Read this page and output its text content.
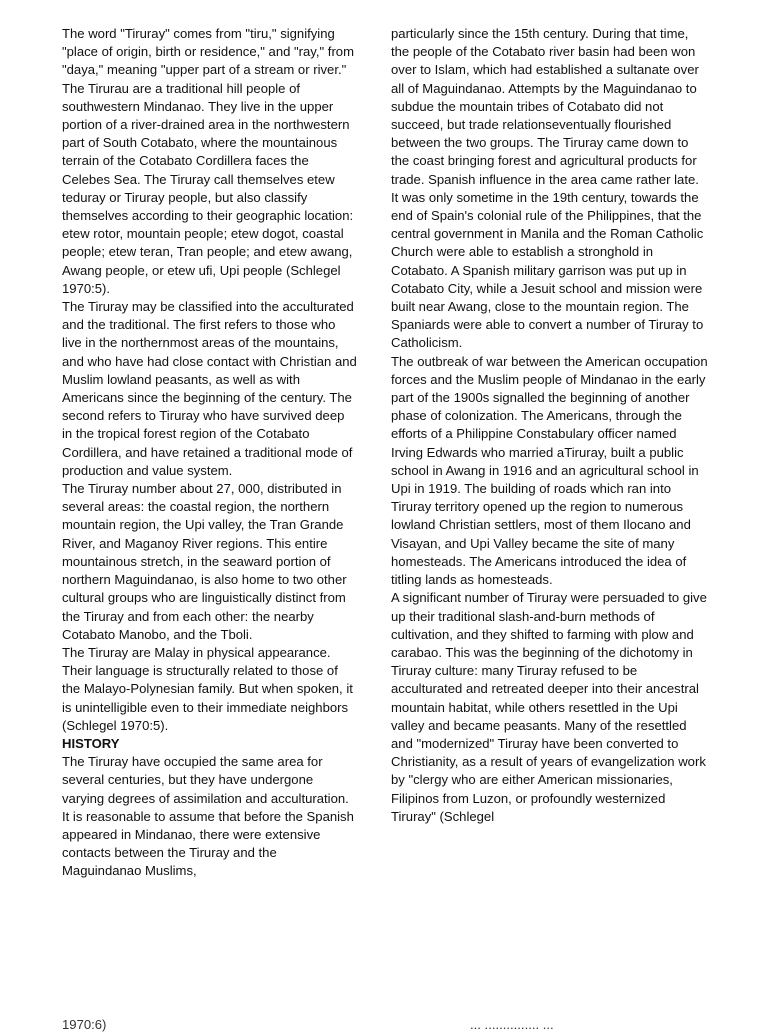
The word "Tiruray" comes from "tiru," signifying "place of origin, birth or residence," and "ray," from "daya," meaning "upper part of a stream or river." The Tirurau are a traditional hill people of southwestern Mindanao. They live in the upper portion of a river-drained area in the northwestern part of South Cotabato, where the mountainous terrain of the Cotabato Cordillera faces the Celebes Sea. The Tiruray call themselves etew teduray or Tiruray people, but also classify themselves according to their geographic location: etew rotor, mountain people; etew dogot, coastal people; etew teran, Tran people; and etew awang, Awang people, or etew ufi, Upi people (Schlegel 1970:5).

The Tiruray may be classified into the acculturated and the traditional. The first refers to those who live in the northernmost areas of the mountains, and who have had close contact with Christian and Muslim lowland peasants, as well as with Americans since the beginning of the century. The second refers to Tiruray who have survived deep in the tropical forest region of the Cotabato Cordillera, and have retained a traditional mode of production and value system.

The Tiruray number about 27, 000, distributed in several areas: the coastal region, the northern mountain region, the Upi valley, the Tran Grande River, and Maganoy River regions. This entire mountainous stretch, in the seaward portion of northern Maguindanao, is also home to two other cultural groups who are linguistically distinct from the Tiruray and from each other: the nearby Cotabato Manobo, and the Tboli.

The Tiruray are Malay in physical appearance. Their language is structurally related to those of the Malayo-Polynesian family. But when spoken, it is unintelligible even to their immediate neighbors (Schlegel 1970:5).

HISTORY

The Tiruray have occupied the same area for several centuries, but they have undergone varying degrees of assimilation and acculturation. It is reasonable to assume that before the Spanish appeared in Mindanao, there were extensive contacts between the Tiruray and the Maguindanao Muslims,

particularly since the 15th century. During that time, the people of the Cotabato river basin had been won over to Islam, which had established a sultanate over all of Maguindanao. Attempts by the Maguindanao to subdue the mountain tribes of Cotabato did not succeed, but trade relationseventually flourished between the two groups. The Tiruray came down to the coast bringing forest and agricultural products for trade. Spanish influence in the area came rather late. It was only sometime in the 19th century, towards the end of Spain's colonial rule of the Philippines, that the central government in Manila and the Roman Catholic Church were able to establish a stronghold in Cotabato. A Spanish military garrison was put up in Cotabato City, while a Jesuit school and mission were built near Awang, close to the mountain region. The Spaniards were able to convert a number of Tiruray to Catholicism.

The outbreak of war between the American occupation forces and the Muslim people of Mindanao in the early part of the 1900s signalled the beginning of another phase of colonization. The Americans, through the efforts of a Philippine Constabulary officer named Irving Edwards who married aTiruray, built a public school in Awang in 1916 and an agricultural school in Upi in 1919. The building of roads which ran into Tiruray territory opened up the region to numerous lowland Christian settlers, most of them Ilocano and Visayan, and Upi Valley became the site of many homesteads. The Americans introduced the idea of titling lands as homesteads.

A significant number of Tiruray were persuaded to give up their traditional slash-and-burn methods of cultivation, and they shifted to farming with plow and carabao. This was the beginning of the dichotomy in Tiruray culture: many Tiruray refused to be acculturated and retreated deeper into their ancestral mountain habitat, while others resettled in the Upi valley and became peasants. Many of the resettled and "modernized" Tiruray have been converted to Christianity, as a result of years of evangelization work by "clergy who are either American missionaries, Filipinos from Luzon, or profoundly westernized Tiruray" (Schlegel

1970:6)	... ............... ...
